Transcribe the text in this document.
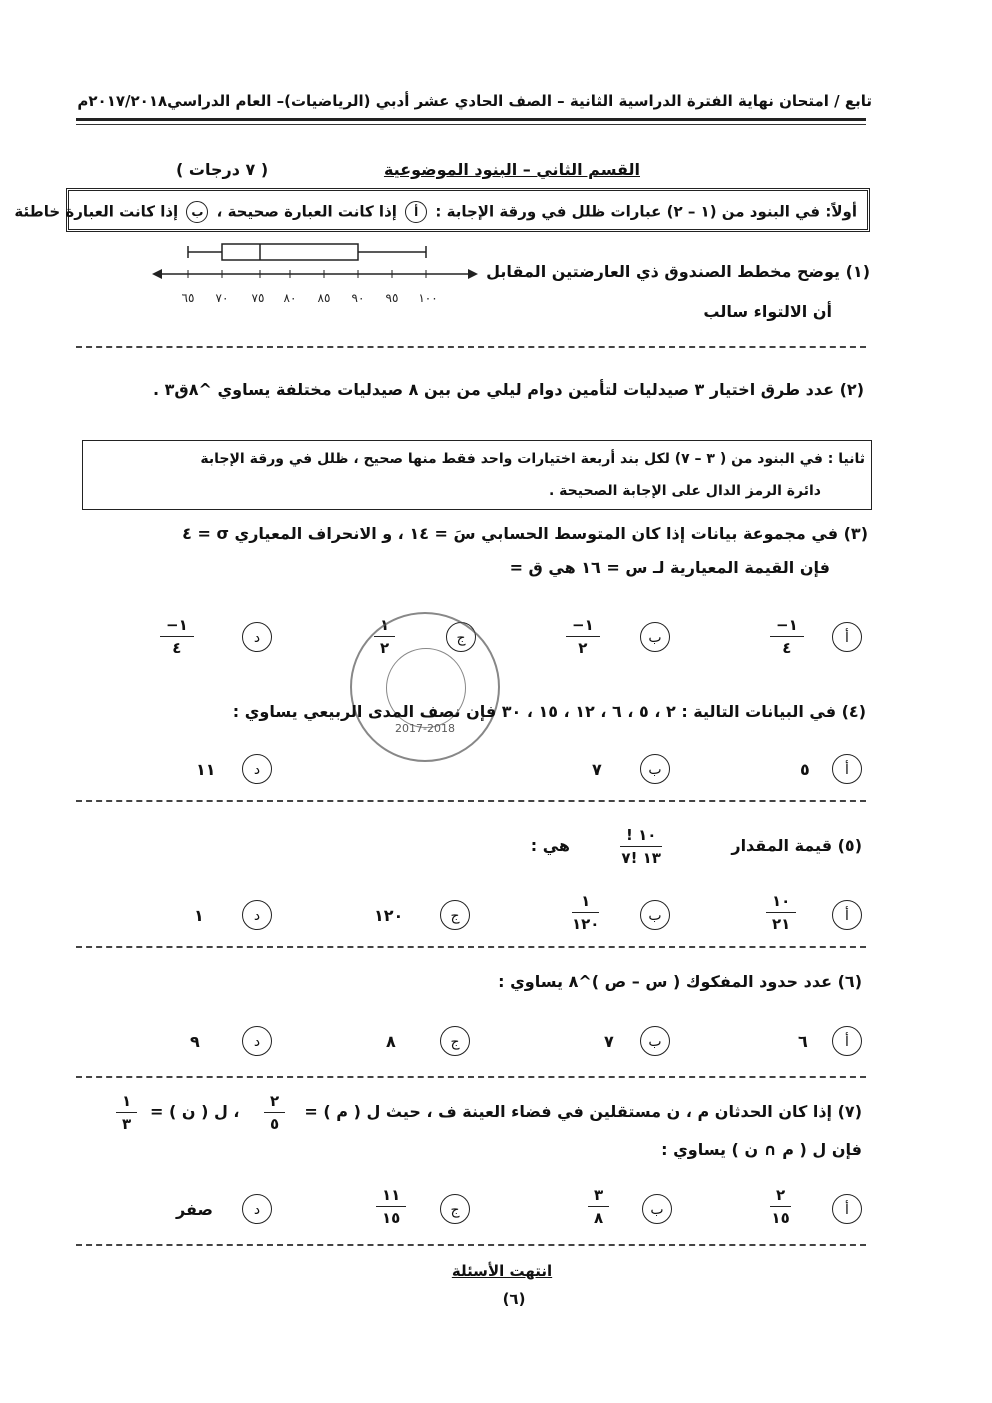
تابع / امتحان نهاية الفترة الدراسية الثانية – الصف الحادي عشر أدبي (الرياضيات)– العام الدراسي٢٠١٧/٢٠١٨م
القسم الثاني – البنود الموضوعية
( ٧ درجات )
أولاً: في البنود من (١ – ٢) عبارات ظلل في ورقة الإجابة : أ إذا كانت العبارة صحيحة ، ب إذا كانت العبارة خاطئة
(١) يوضح مخطط الصندوق ذي العارضتين المقابل
أن الالتواء سالب
٦٥ ٧٠ ٧٥ ٨٠ ٨٥ ٩٠ ٩٥ ١٠٠
(٢) عدد طرق اختيار ٣ صيدليات لتأمين دوام ليلي من بين ٨ صيدليات مختلفة يساوي ^٨ق٣ .
ثانيا : في البنود من ( ٣ – ٧) لكل بند أربعة اختيارات واحد فقط منها صحيح ، ظلل في ورقة الإجابة
دائرة الرمز الدال على الإجابة الصحيحة .
(٣) في مجموعة بيانات إذا كان المتوسط الحسابي سَ = ١٤ ، و الانحراف المعياري σ = ٤
فإن القيمة المعيارية لـ س = ١٦ هي ق =
أ
١−
٤
ب
١−
٢
ج
١
٢
د
١−
٤
2017-2018
(٤) في البيانات التالية : ٢ ، ٥ ، ٦ ، ١٢ ، ١٥ ، ٣٠ فإن نصف المدى الربيعي يساوي :
أ
٥
ب
٧
د
١١
(٥) قيمة المقدار
١٠ !
١٣ !٧
هي :
أ
١٠
٢١
ب
١
١٢٠
ج
١٢٠
د
١
(٦) عدد حدود المفكوك ( س – ص )^٨ يساوي :
أ
٦
ب
٧
ج
٨
د
٩
(٧) إذا كان الحدثان م ، ن مستقلين في فضاء العينة ف ، حيث ل ( م ) =
٢
٥
، ل ( ن ) =
١
٣
فإن ل ( م ∩ ن ) يساوي :
أ
٢
١٥
ب
٣
٨
ج
١١
١٥
د
صفر
انتهت الأسئلة
(٦)
